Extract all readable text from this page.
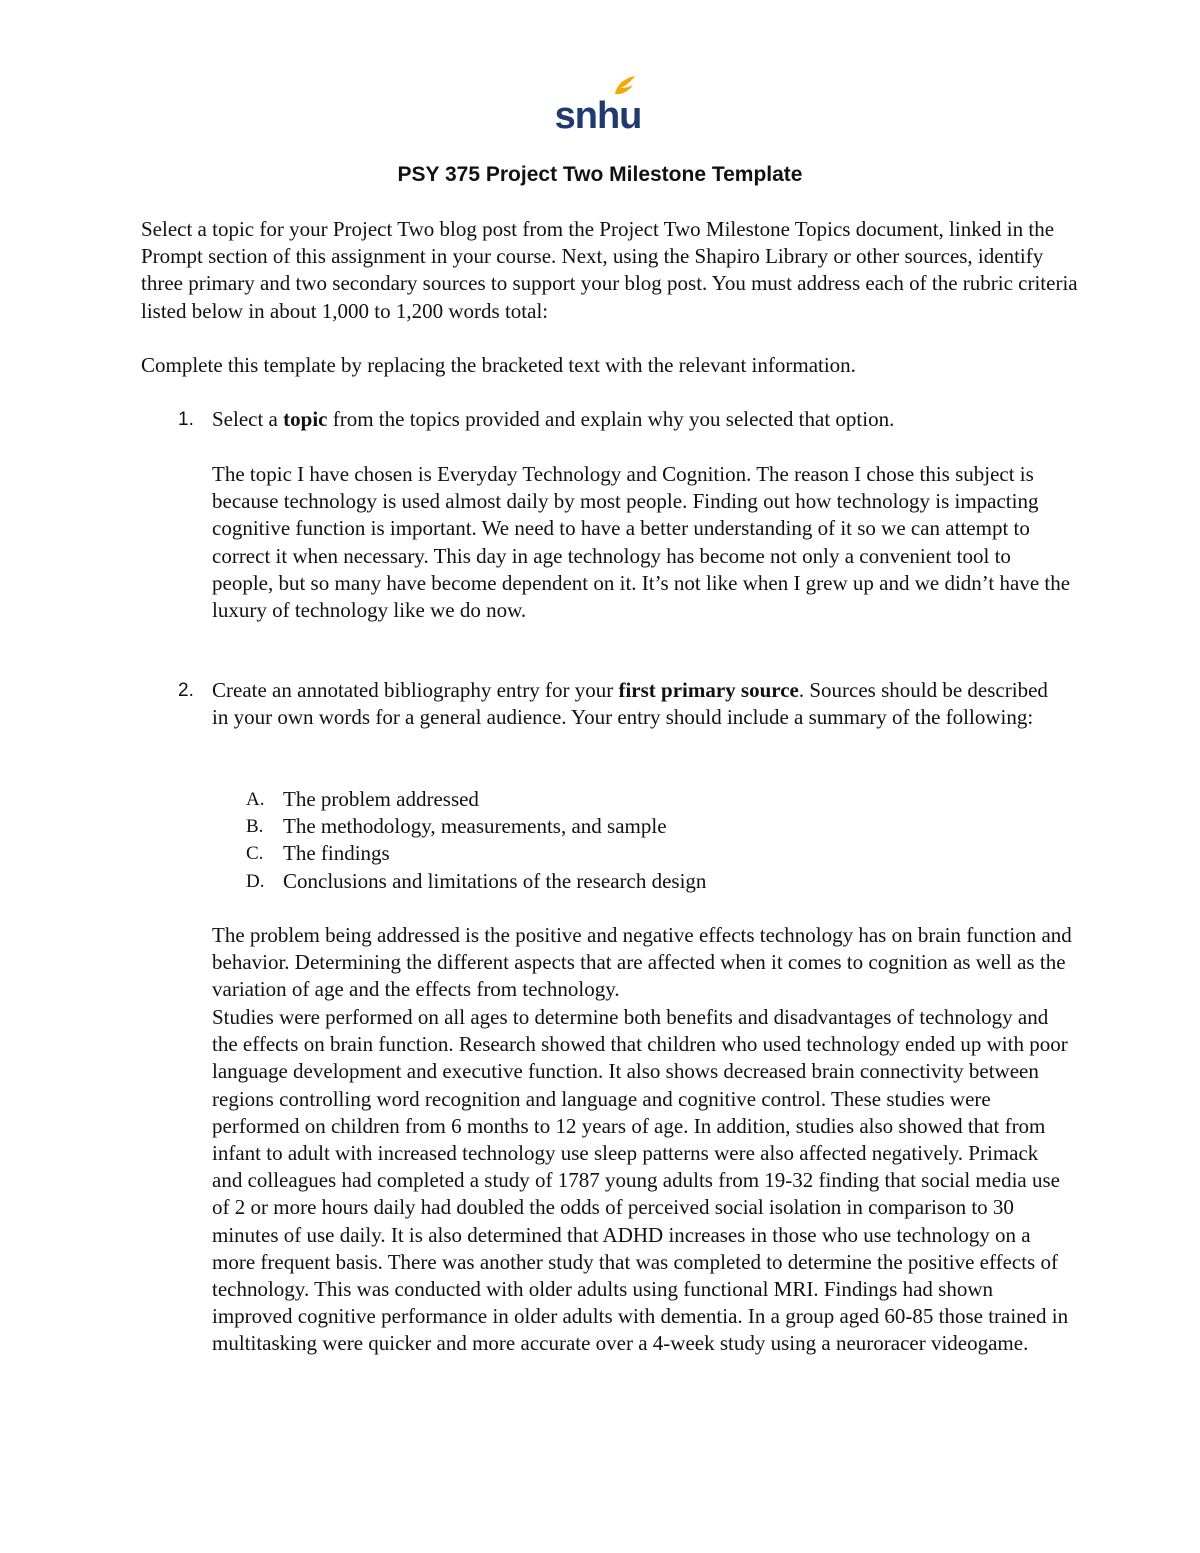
snhu
PSY 375 Project Two Milestone Template

Select a topic for your Project Two blog post from the Project Two Milestone Topics document, linked in the Prompt section of this assignment in your course. Next, using the Shapiro Library or other sources, identify three primary and two secondary sources to support your blog post. You must address each of the rubric criteria listed below in about 1,000 to 1,200 words total:

Complete this template by replacing the bracketed text with the relevant information.

1. Select a topic from the topics provided and explain why you selected that option.

The topic I have chosen is Everyday Technology and Cognition. The reason I chose this subject is because technology is used almost daily by most people. Finding out how technology is impacting cognitive function is important. We need to have a better understanding of it so we can attempt to correct it when necessary. This day in age technology has become not only a convenient tool to people, but so many have become dependent on it. It’s not like when I grew up and we didn’t have the luxury of technology like we do now.

2. Create an annotated bibliography entry for your first primary source. Sources should be described in your own words for a general audience. Your entry should include a summary of the following:
A. The problem addressed
B. The methodology, measurements, and sample
C. The findings
D. Conclusions and limitations of the research design

The problem being addressed is the positive and negative effects technology has on brain function and behavior. Determining the different aspects that are affected when it comes to cognition as well as the variation of age and the effects from technology.

Studies were performed on all ages to determine both benefits and disadvantages of technology and the effects on brain function. Research showed that children who used technology ended up with poor language development and executive function. It also shows decreased brain connectivity between regions controlling word recognition and language and cognitive control. These studies were performed on children from 6 months to 12 years of age. In addition, studies also showed that from infant to adult with increased technology use sleep patterns were also affected negatively. Primack and colleagues had completed a study of 1787 young adults from 19-32 finding that social media use of 2 or more hours daily had doubled the odds of perceived social isolation in comparison to 30 minutes of use daily. It is also determined that ADHD increases in those who use technology on a more frequent basis. There was another study that was completed to determine the positive effects of technology. This was conducted with older adults using functional MRI. Findings had shown improved cognitive performance in older adults with dementia. In a group aged 60-85 those trained in multitasking were quicker and more accurate over a 4-week study using a neuroracer videogame.
